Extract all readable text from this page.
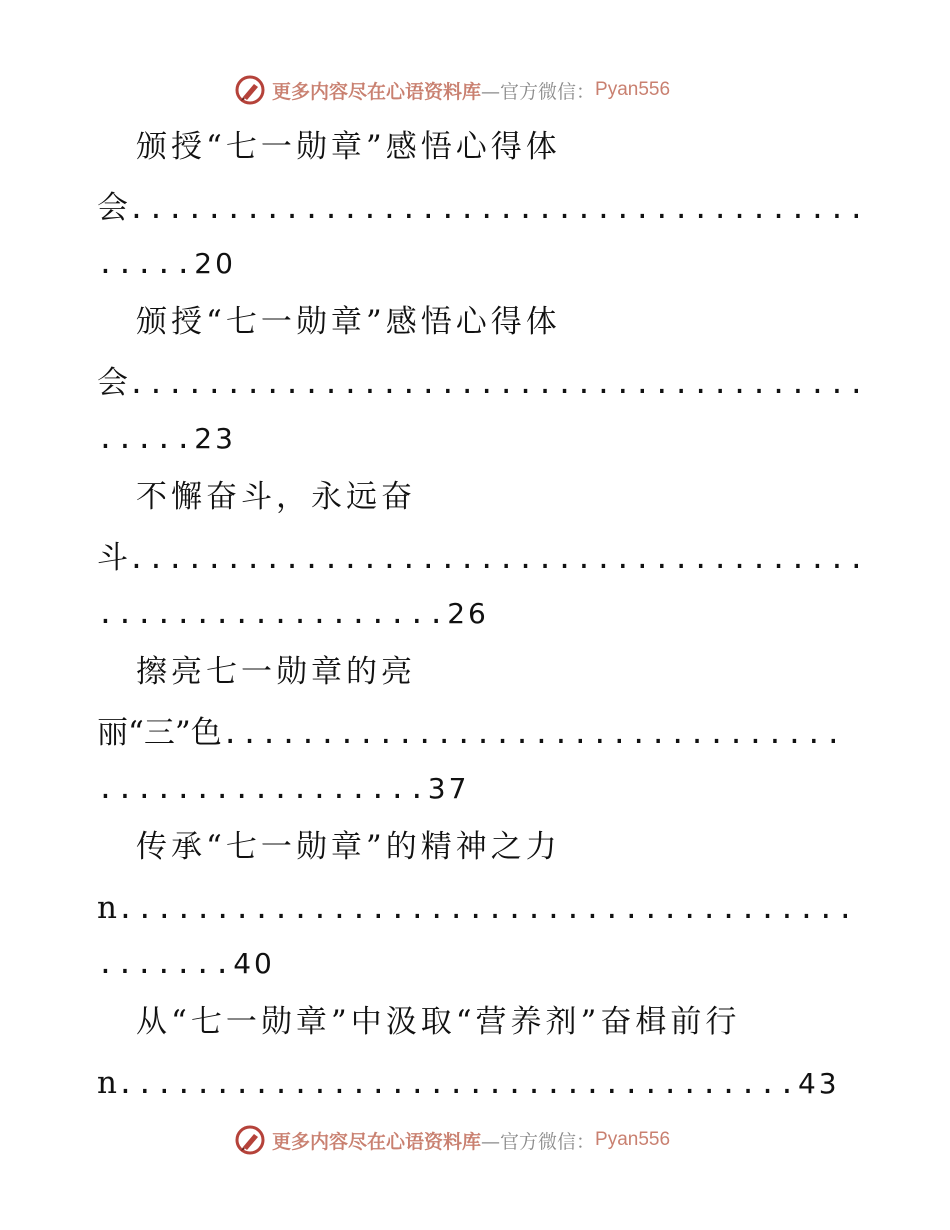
更多内容尽在心语资料库 —官方微信： Pyan556
颁授“七一勋章”感悟心得体
会......................................
.....20
颁授“七一勋章”感悟心得体
会......................................
.....23
不懈奋斗，永远奋
斗......................................
..................26
擦亮七一勋章的亮
丽“三”色................................
.................37
传承“七一勋章”的精神之力
n......................................
.......40
从“七一勋章”中汲取“营养剂”奋楫前行
n...................................43
更多内容尽在心语资料库 —官方微信： Pyan556
